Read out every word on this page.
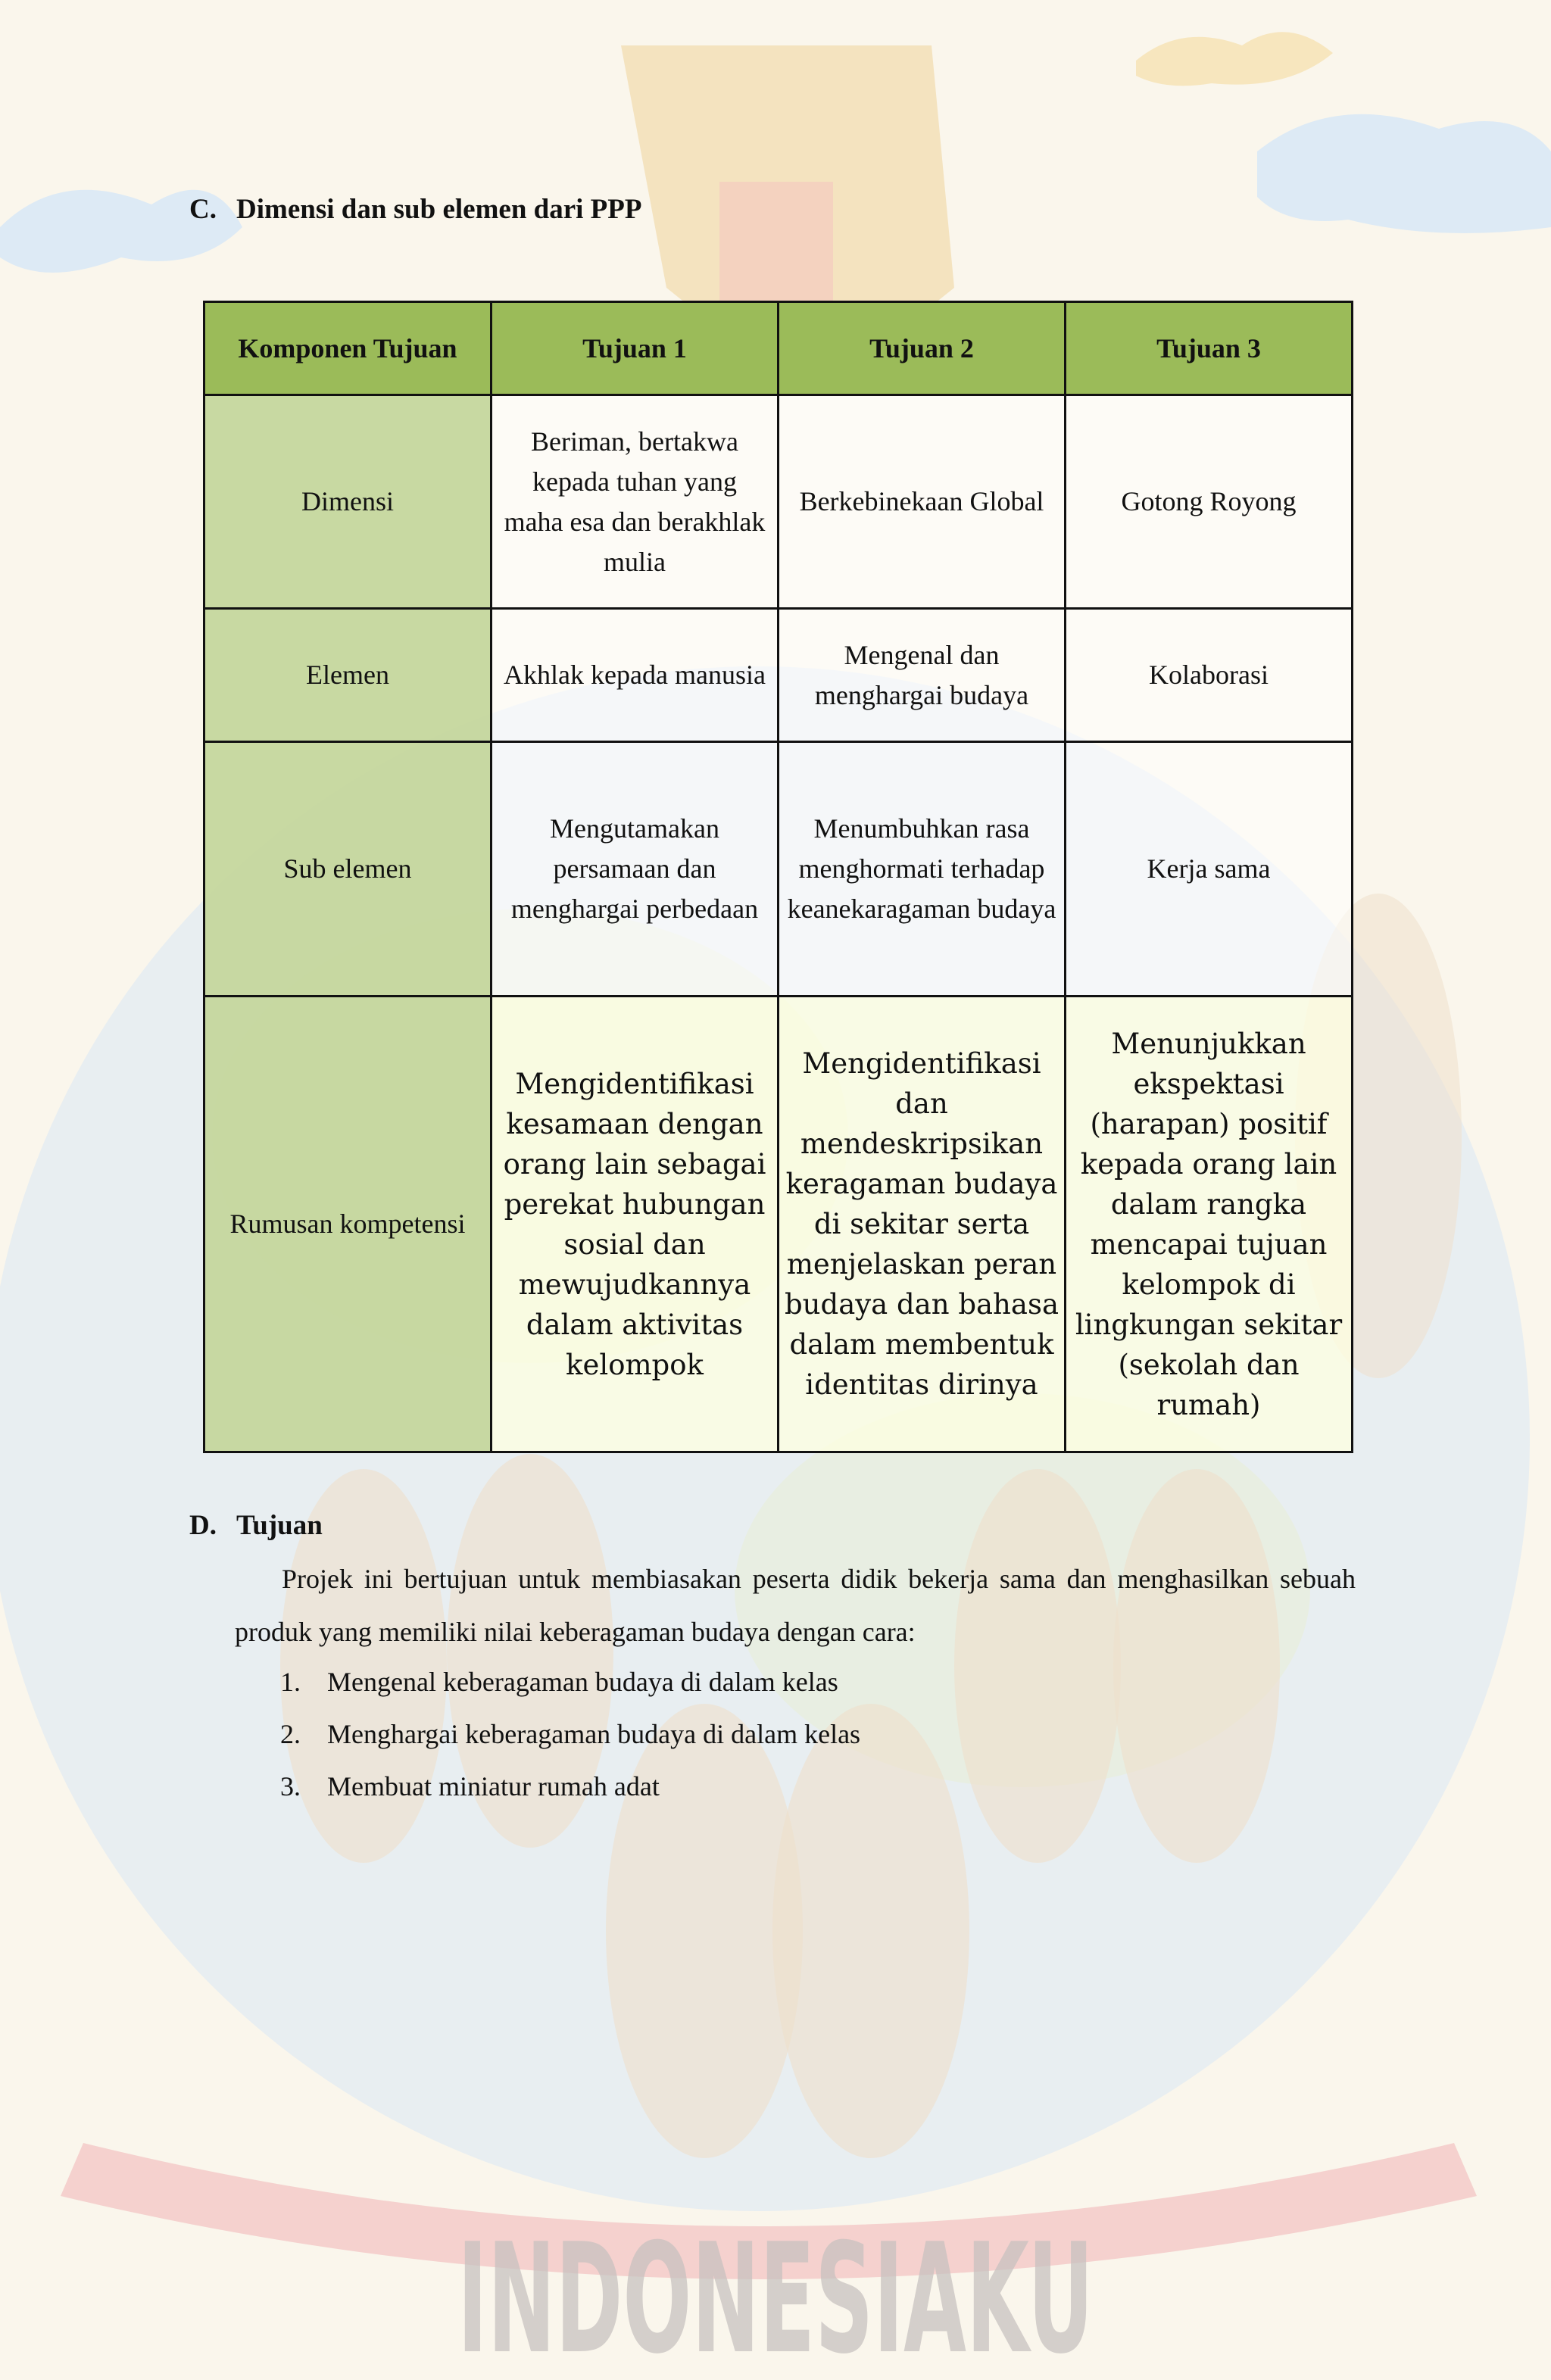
C. Dimensi dan sub elemen dari PPP
Komponen Tujuan	Tujuan 1	Tujuan 2	Tujuan 3
Dimensi	Beriman, bertakwa kepada tuhan yang maha esa dan berakhlak mulia	Berkebinekaan Global	Gotong Royong
Elemen	Akhlak kepada manusia	Mengenal dan menghargai budaya	Kolaborasi
Sub elemen	Mengutamakan persamaan dan menghargai perbedaan	Menumbuhkan rasa menghormati terhadap keanekaragaman budaya	Kerja sama
Rumusan kompetensi	Mengidentifikasi kesamaan dengan orang lain sebagai perekat hubungan sosial dan mewujudkannya dalam aktivitas kelompok	Mengidentifikasi dan mendeskripsikan keragaman budaya di sekitar serta menjelaskan peran budaya dan bahasa dalam membentuk identitas dirinya	Menunjukkan ekspektasi (harapan) positif kepada orang lain dalam rangka mencapai tujuan kelompok di lingkungan sekitar (sekolah dan rumah)
D. Tujuan
Projek ini bertujuan untuk membiasakan peserta didik bekerja sama dan menghasilkan sebuah produk yang memiliki nilai keberagaman budaya dengan cara:
1. Mengenal keberagaman budaya di dalam kelas
2. Menghargai keberagaman budaya di dalam kelas
3. Membuat miniatur rumah adat
INDONESIAKU
